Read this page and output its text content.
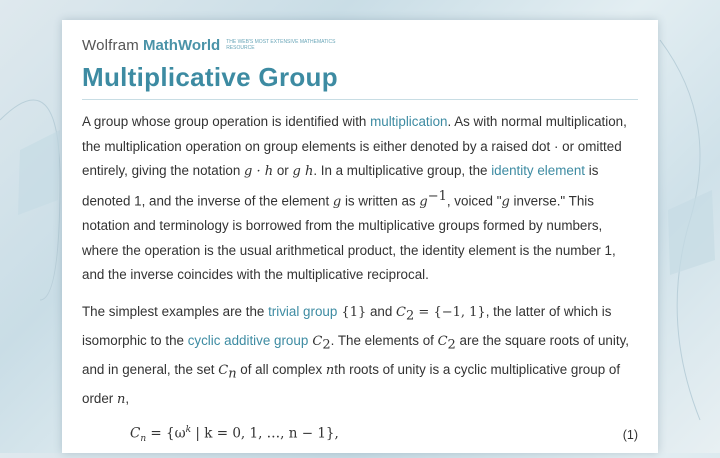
Wolfram MathWorld THE WEB'S MOST EXTENSIVE MATHEMATICS RESOURCE
Multiplicative Group

A group whose group operation is identified with multiplication. As with normal multiplication, the multiplication operation on group elements is either denoted by a raised dot · or omitted entirely, giving the notation g · h or g h. In a multiplicative group, the identity element is denoted 1, and the inverse of the element g is written as $g^{-1}$, voiced "g inverse." This notation and terminology is borrowed from the multiplicative groups formed by numbers, where the operation is the usual arithmetical product, the identity element is the number 1, and the inverse coincides with the multiplicative reciprocal.

The simplest examples are the trivial group {1} and $C_2 = \{-1$, 1}, the latter of which is isomorphic to the cyclic additive group $C_2$. The elements of $C_2$ are the square roots of unity, and in general, the set $C_n$ of all complex nth roots of unity is a cyclic multiplicative group of order n,

$C_n = \{\omega^k$ | k = 0, 1, …, n − 1},	(1)
